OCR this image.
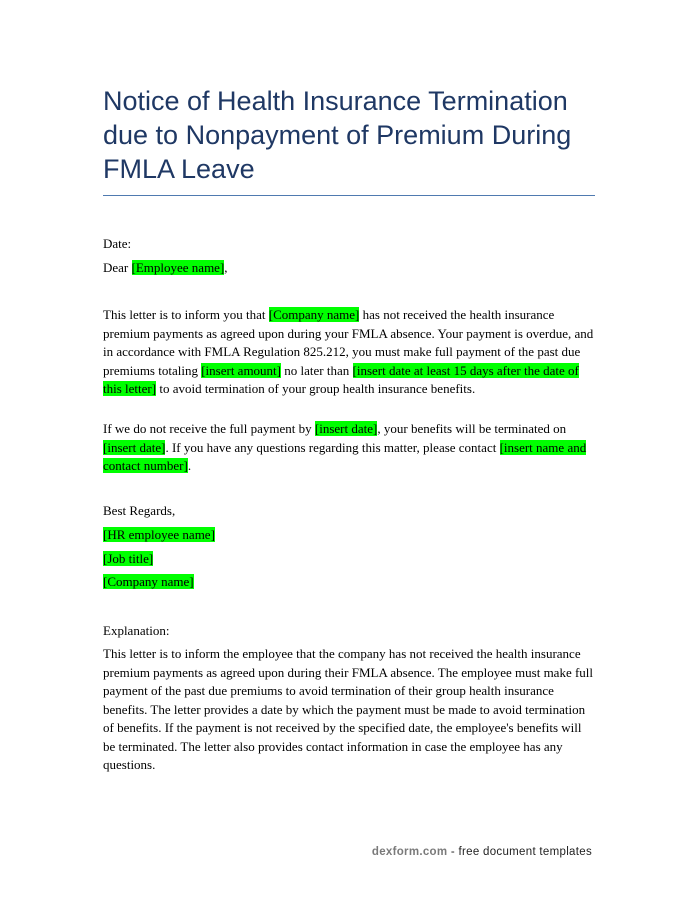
Notice of Health Insurance Termination due to Nonpayment of Premium During FMLA Leave

Date:

Dear [Employee name],

This letter is to inform you that [Company name] has not received the health insurance premium payments as agreed upon during your FMLA absence. Your payment is overdue, and in accordance with FMLA Regulation 825.212, you must make full payment of the past due premiums totaling [insert amount] no later than [insert date at least 15 days after the date of this letter] to avoid termination of your group health insurance benefits.

If we do not receive the full payment by [insert date], your benefits will be terminated on [insert date]. If you have any questions regarding this matter, please contact [insert name and contact number].

Best Regards,

[HR employee name]

[Job title]

[Company name]

Explanation:

This letter is to inform the employee that the company has not received the health insurance premium payments as agreed upon during their FMLA absence. The employee must make full payment of the past due premiums to avoid termination of their group health insurance benefits. The letter provides a date by which the payment must be made to avoid termination of benefits. If the payment is not received by the specified date, the employee's benefits will be terminated. The letter also provides contact information in case the employee has any questions.

dexform.com - free document templates
